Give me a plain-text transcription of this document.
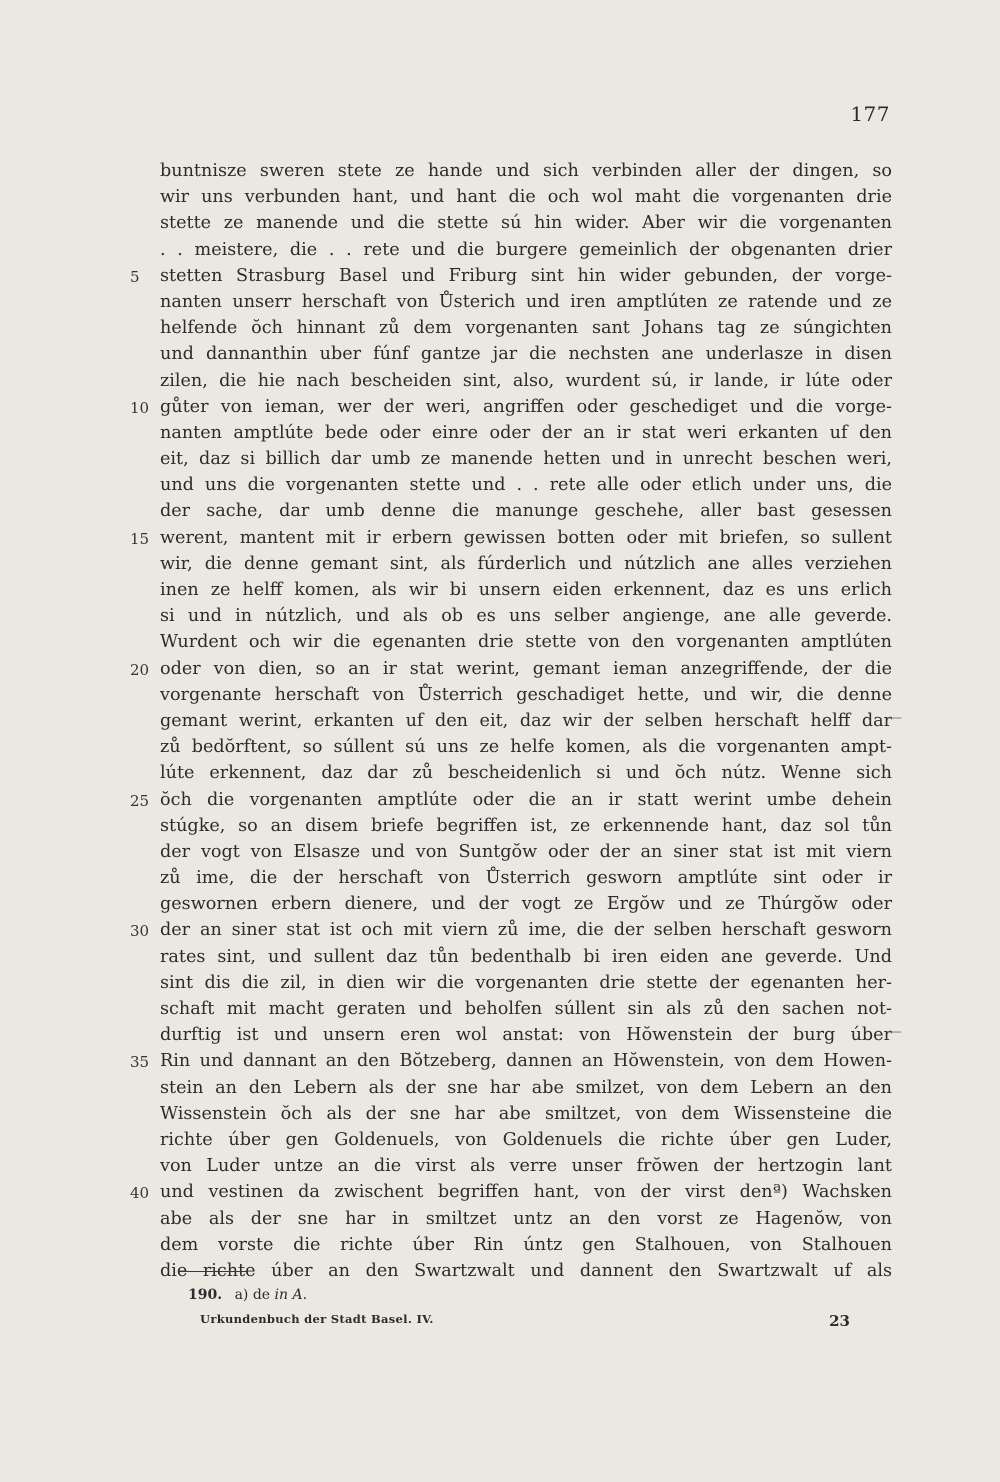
177
buntnisze sweren stete ze hande und sich verbinden aller der dingen, so
wir uns verbunden hant, und hant die och wol maht die vorgenanten drie
stette ze manende und die stette sú hin wider. Aber wir die vorgenanten
. . meistere, die . . rete und die burgere gemeinlich der obgenanten drier
5	stetten Strasburg Basel und Friburg sint hin wider gebunden, der vorge-
nanten unserr herschaft von Ůsterich und iren amptlúten ze ratende und ze
helfende ŏch hinnant zů dem vorgenanten sant Johans tag ze súngichten
und dannanthin uber fúnf gantze jar die nechsten ane underlasze in disen
zilen, die hie nach bescheiden sint, also, wurdent sú, ir lande, ir lúte oder
10 gůter von ieman, wer der weri, angriffen oder geschediget und die vorge-
nanten amptlúte bede oder einre oder der an ir stat weri erkanten uf den
eit, daz si billich dar umb ze manende hetten und in unrecht beschen weri,
und uns die vorgenanten stette und . . rete alle oder etlich under uns, die
der sache, dar umb denne die manunge geschehe, aller bast gesessen
15 werent, mantent mit ir erbern gewissen botten oder mit briefen, so sullent
wir, die denne gemant sint, als fúrderlich und nútzlich ane alles verziehen
inen ze helff komen, als wir bi unsern eiden erkennent, daz es uns erlich
si und in nútzlich, und als ob es uns selber angienge, ane alle geverde.
Wurdent och wir die egenanten drie stette von den vorgenanten amptlúten
20 oder von dien, so an ir stat werint, gemant ieman anzegriffende, der die
vorgenante herschaft von Ůsterrich geschadiget hette, und wir, die denne
gemant werint, erkanten uf den eit, daz wir der selben herschaft helff dar
—
zů bedŏrftent, so súllent sú uns ze helfe komen, als die vorgenanten ampt-
lúte erkennent, daz dar zů bescheidenlich si und ŏch nútz. Wenne sich
25 ŏch die vorgenanten amptlúte oder die an ir statt werint umbe dehein
stúgke, so an disem briefe begriffen ist, ze erkennende hant, daz sol tůn
der vogt von Elsasze und von Suntgŏw oder der an siner stat ist mit viern
zů ime, die der herschaft von Ůsterrich gesworn amptlúte sint oder ir
geswornen erbern dienere, und der vogt ze Ergŏw und ze Thúrgŏw oder
30 der an siner stat ist och mit viern zů ime, die der selben herschaft gesworn
rates sint, und sullent daz tůn bedenthalb bi iren eiden ane geverde. Und
sint dis die zil, in dien wir die vorgenanten drie stette der egenanten her-
schaft mit macht geraten und beholfen súllent sin als zů den sachen not-
durftig ist und unsern eren wol anstat: von Hŏwenstein der burg úber
—
35 Rin und dannant an den Bŏtzeberg, dannen an Hŏwenstein, von dem Howen-
stein an den Lebern als der sne har abe smilzet, von dem Lebern an den
Wissenstein ŏch als der sne har abe smiltzet, von dem Wissensteine die
richte úber gen Goldenuels, von Goldenuels die richte úber gen Luder,
von Luder untze an die virst als verre unser frŏwen der hertzogin lant
40 und vestinen da zwischent begriffen hant, von der virst denª) Wachsken
abe als der sne har in smiltzet untz an den vorst ze Hagenŏw, von
dem vorste die richte úber Rin úntz gen Stalhouen, von Stalhouen
die richte úber an den Swartzwalt und dannent den Swartzwalt uf als
190. a) de in A.
Urkundenbuch der Stadt Basel. IV.	23
